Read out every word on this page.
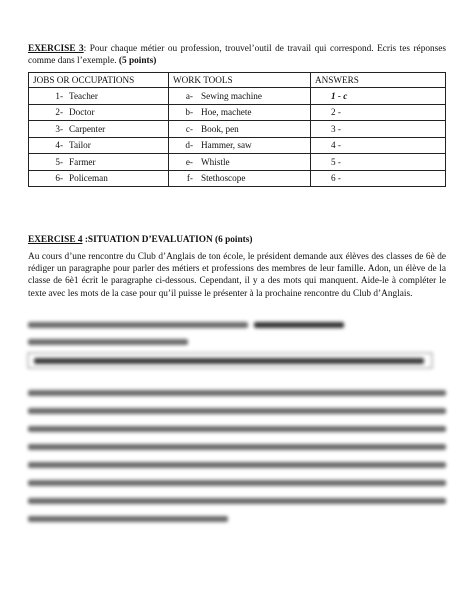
EXERCISE 3: Pour chaque métier ou profession, trouvel’outil de travail qui correspond. Ecris tes réponses comme dans l’exemple. (5 points)
JOBS OR OCCUPATIONS	WORK TOOLS	ANSWERS
1- Teacher	a- Sewing machine	1 - c
2- Doctor	b- Hoe, machete	2 -
3- Carpenter	c- Book, pen	3 -
4- Tailor	d- Hammer, saw	4 -
5- Farmer	e- Whistle	5 -
6- Policeman	f- Stethoscope	6 -
EXERCISE 4 :SITUATION D’EVALUATION (6 points)
Au cours d’une rencontre du Club d’Anglais de ton école, le président demande aux élèves des classes de 6è de rédiger un paragraphe pour parler des métiers et professions des membres de leur famille. Adon, un élève de la classe de 6è1 écrit le paragraphe ci-dessous. Cependant, il y a des mots qui manquent. Aide-le à compléter le texte avec les mots de la case pour qu’il puisse le présenter à la prochaine rencontre du Club d’Anglais.
